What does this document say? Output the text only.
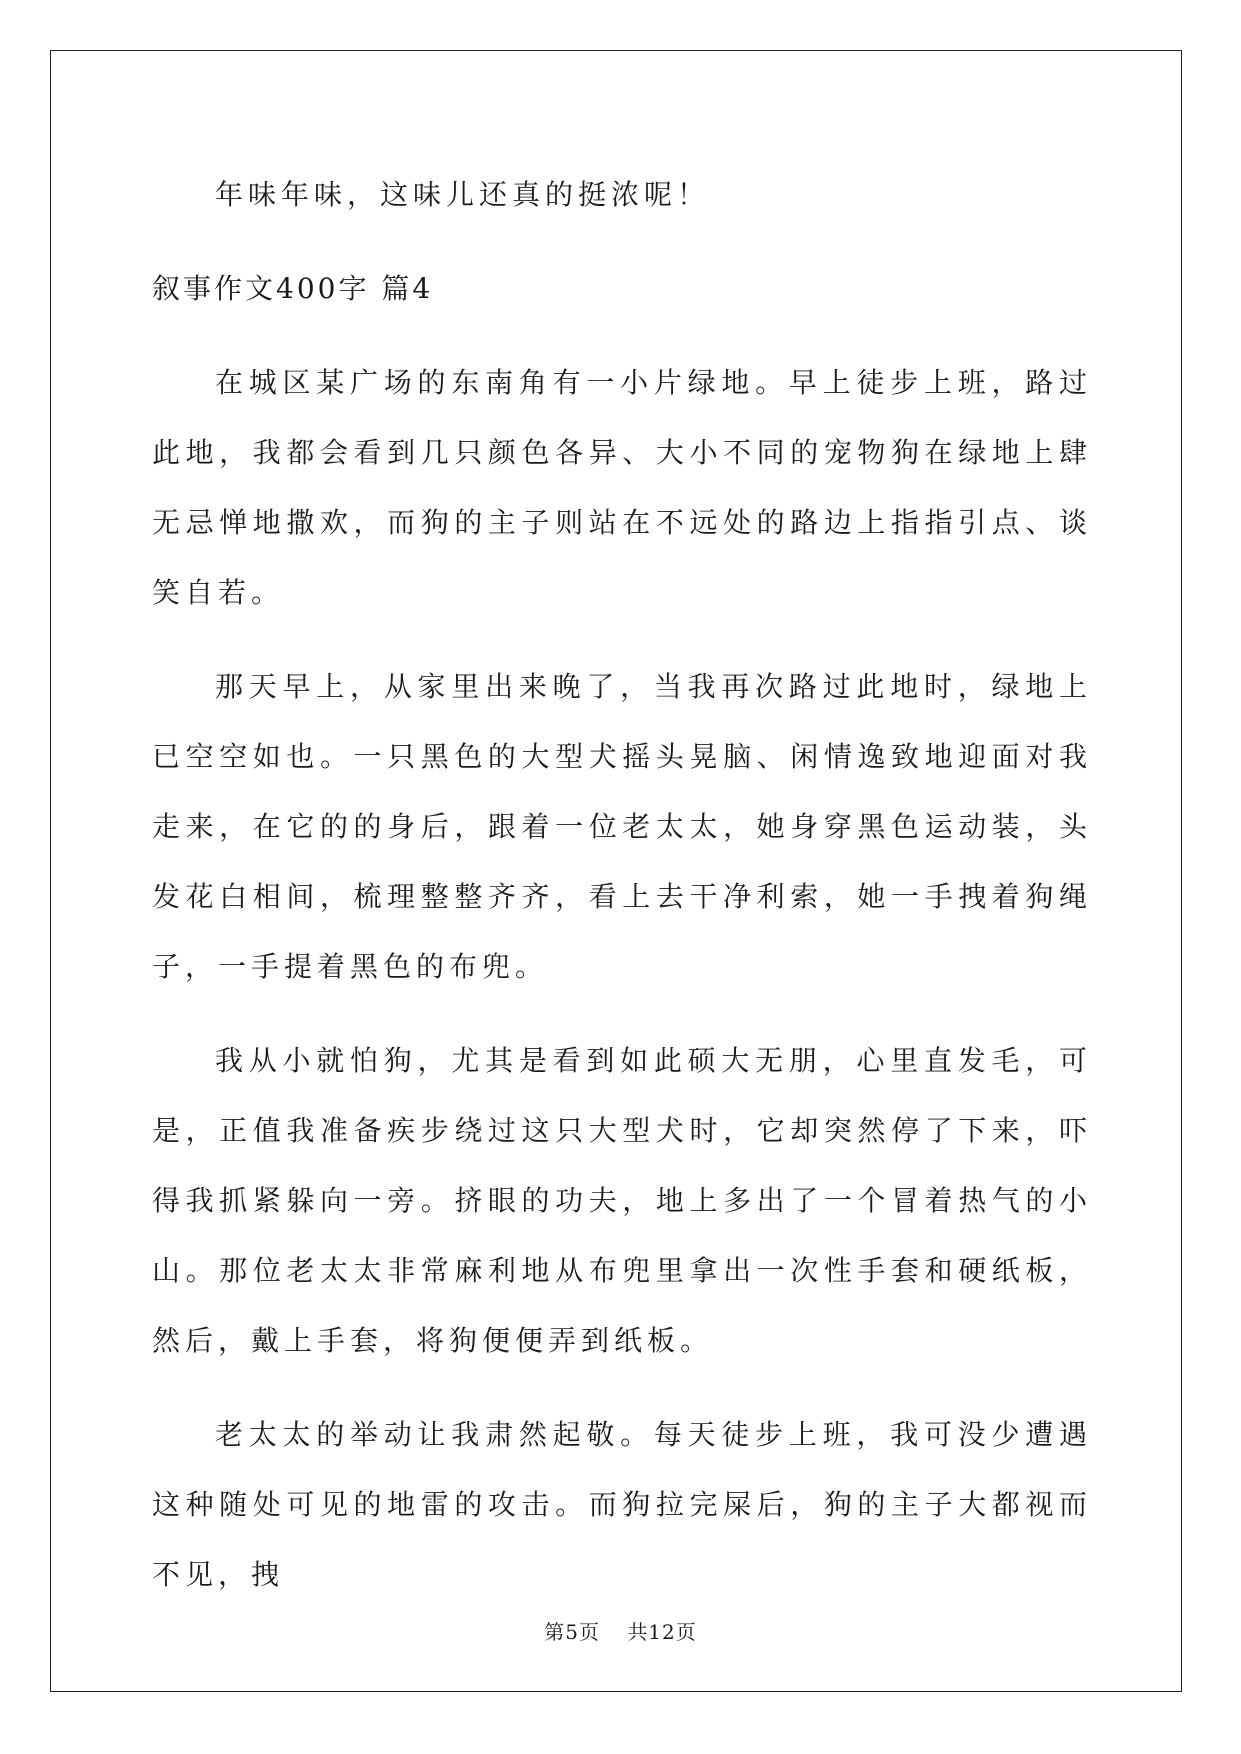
年味年味，这味儿还真的挺浓呢！

叙事作文400字 篇4

在城区某广场的东南角有一小片绿地。早上徒步上班，路过此地，我都会看到几只颜色各异、大小不同的宠物狗在绿地上肆无忌惮地撒欢，而狗的主子则站在不远处的路边上指指引点、谈笑自若。

那天早上，从家里出来晚了，当我再次路过此地时，绿地上已空空如也。一只黑色的大型犬摇头晃脑、闲情逸致地迎面对我走来，在它的的身后，跟着一位老太太，她身穿黑色运动装，头发花白相间，梳理整整齐齐，看上去干净利索，她一手拽着狗绳子，一手提着黑色的布兜。

我从小就怕狗，尤其是看到如此硕大无朋，心里直发毛，可是，正值我准备疾步绕过这只大型犬时，它却突然停了下来，吓得我抓紧躲向一旁。挤眼的功夫，地上多出了一个冒着热气的小山。那位老太太非常麻利地从布兜里拿出一次性手套和硬纸板，然后，戴上手套，将狗便便弄到纸板。

老太太的举动让我肃然起敬。每天徒步上班，我可没少遭遇这种随处可见的地雷的攻击。而狗拉完屎后，狗的主子大都视而不见，拽

第5页 共12页
